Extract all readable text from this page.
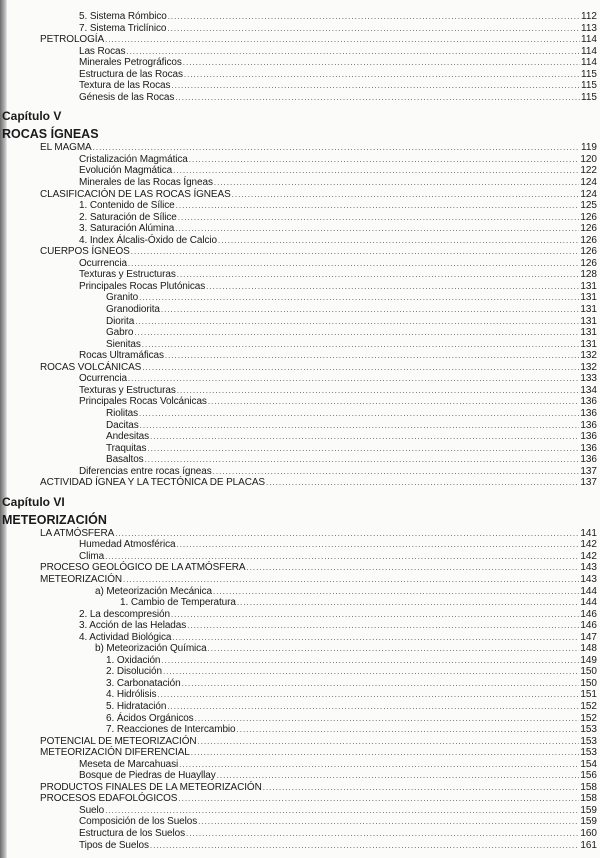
5. Sistema Rómbico .....	112
7. Sistema Triclínico .....	113
PETROLOGÍA .....	114
Las Rocas .....	114
Minerales Petrográficos .....	114
Estructura de las Rocas .....	115
Textura de las Rocas .....	115
Génesis de las Rocas .....	115
Capítulo V
ROCAS ÍGNEAS
EL MAGMA .....	119
Cristalización Magmática .....	120
Evolución Magmática .....	122
Minerales de las Rocas Ígneas .....	124
CLASIFICACIÓN DE LAS ROCAS ÍGNEAS .....	124
1. Contenido de Sílice .....	125
2. Saturación de Sílice .....	126
3. Saturación Alúmina .....	126
4. Index Álcalis-Óxido de Calcio .....	126
CUERPOS ÍGNEOS .....	126
Ocurrencia .....	126
Texturas y Estructuras .....	128
Principales Rocas Plutónicas .....	131
Granito .....	131
Granodiorita .....	131
Diorita .....	131
Gabro .....	131
Sienitas .....	131
Rocas Ultramáficas .....	132
ROCAS VOLCÁNICAS .....	132
Ocurrencia .....	133
Texturas y Estructuras .....	134
Principales Rocas Volcánicas .....	136
Riolitas .....	136
Dacitas .....	136
Andesitas .....	136
Traquitas .....	136
Basaltos .....	136
Diferencias entre rocas ígneas .....	137
ACTIVIDAD ÍGNEA Y LA TECTÓNICA DE PLACAS .....	137
Capítulo VI
METEORIZACIÓN
LA ATMÓSFERA .....	141
Humedad Atmosférica .....	142
Clima .....	142
PROCESO GEOLÓGICO DE LA ATMÓSFERA .....	143
METEORIZACIÓN .....	143
a) Meteorización Mecánica .....	144
1. Cambio de Temperatura .....	144
2. La descompresión .....	146
3. Acción de las Heladas .....	146
4. Actividad Biológica .....	147
b) Meteorización Química .....	148
1. Oxidación .....	149
2. Disolución .....	150
3. Carbonatación .....	150
4. Hidrólisis .....	151
5. Hidratación .....	152
6. Ácidos Orgánicos .....	152
7. Reacciones de Intercambio .....	153
POTENCIAL DE METEORIZACIÓN .....	153
METEORIZACIÓN DIFERENCIAL .....	153
Meseta de Marcahuasi .....	154
Bosque de Piedras de Huayllay .....	156
PRODUCTOS FINALES DE LA METEORIZACIÓN .....	158
PROCESOS EDAFOLÓGICOS .....	158
Suelo .....	159
Composición de los Suelos .....	159
Estructura de los Suelos .....	160
Tipos de Suelos .....	161
